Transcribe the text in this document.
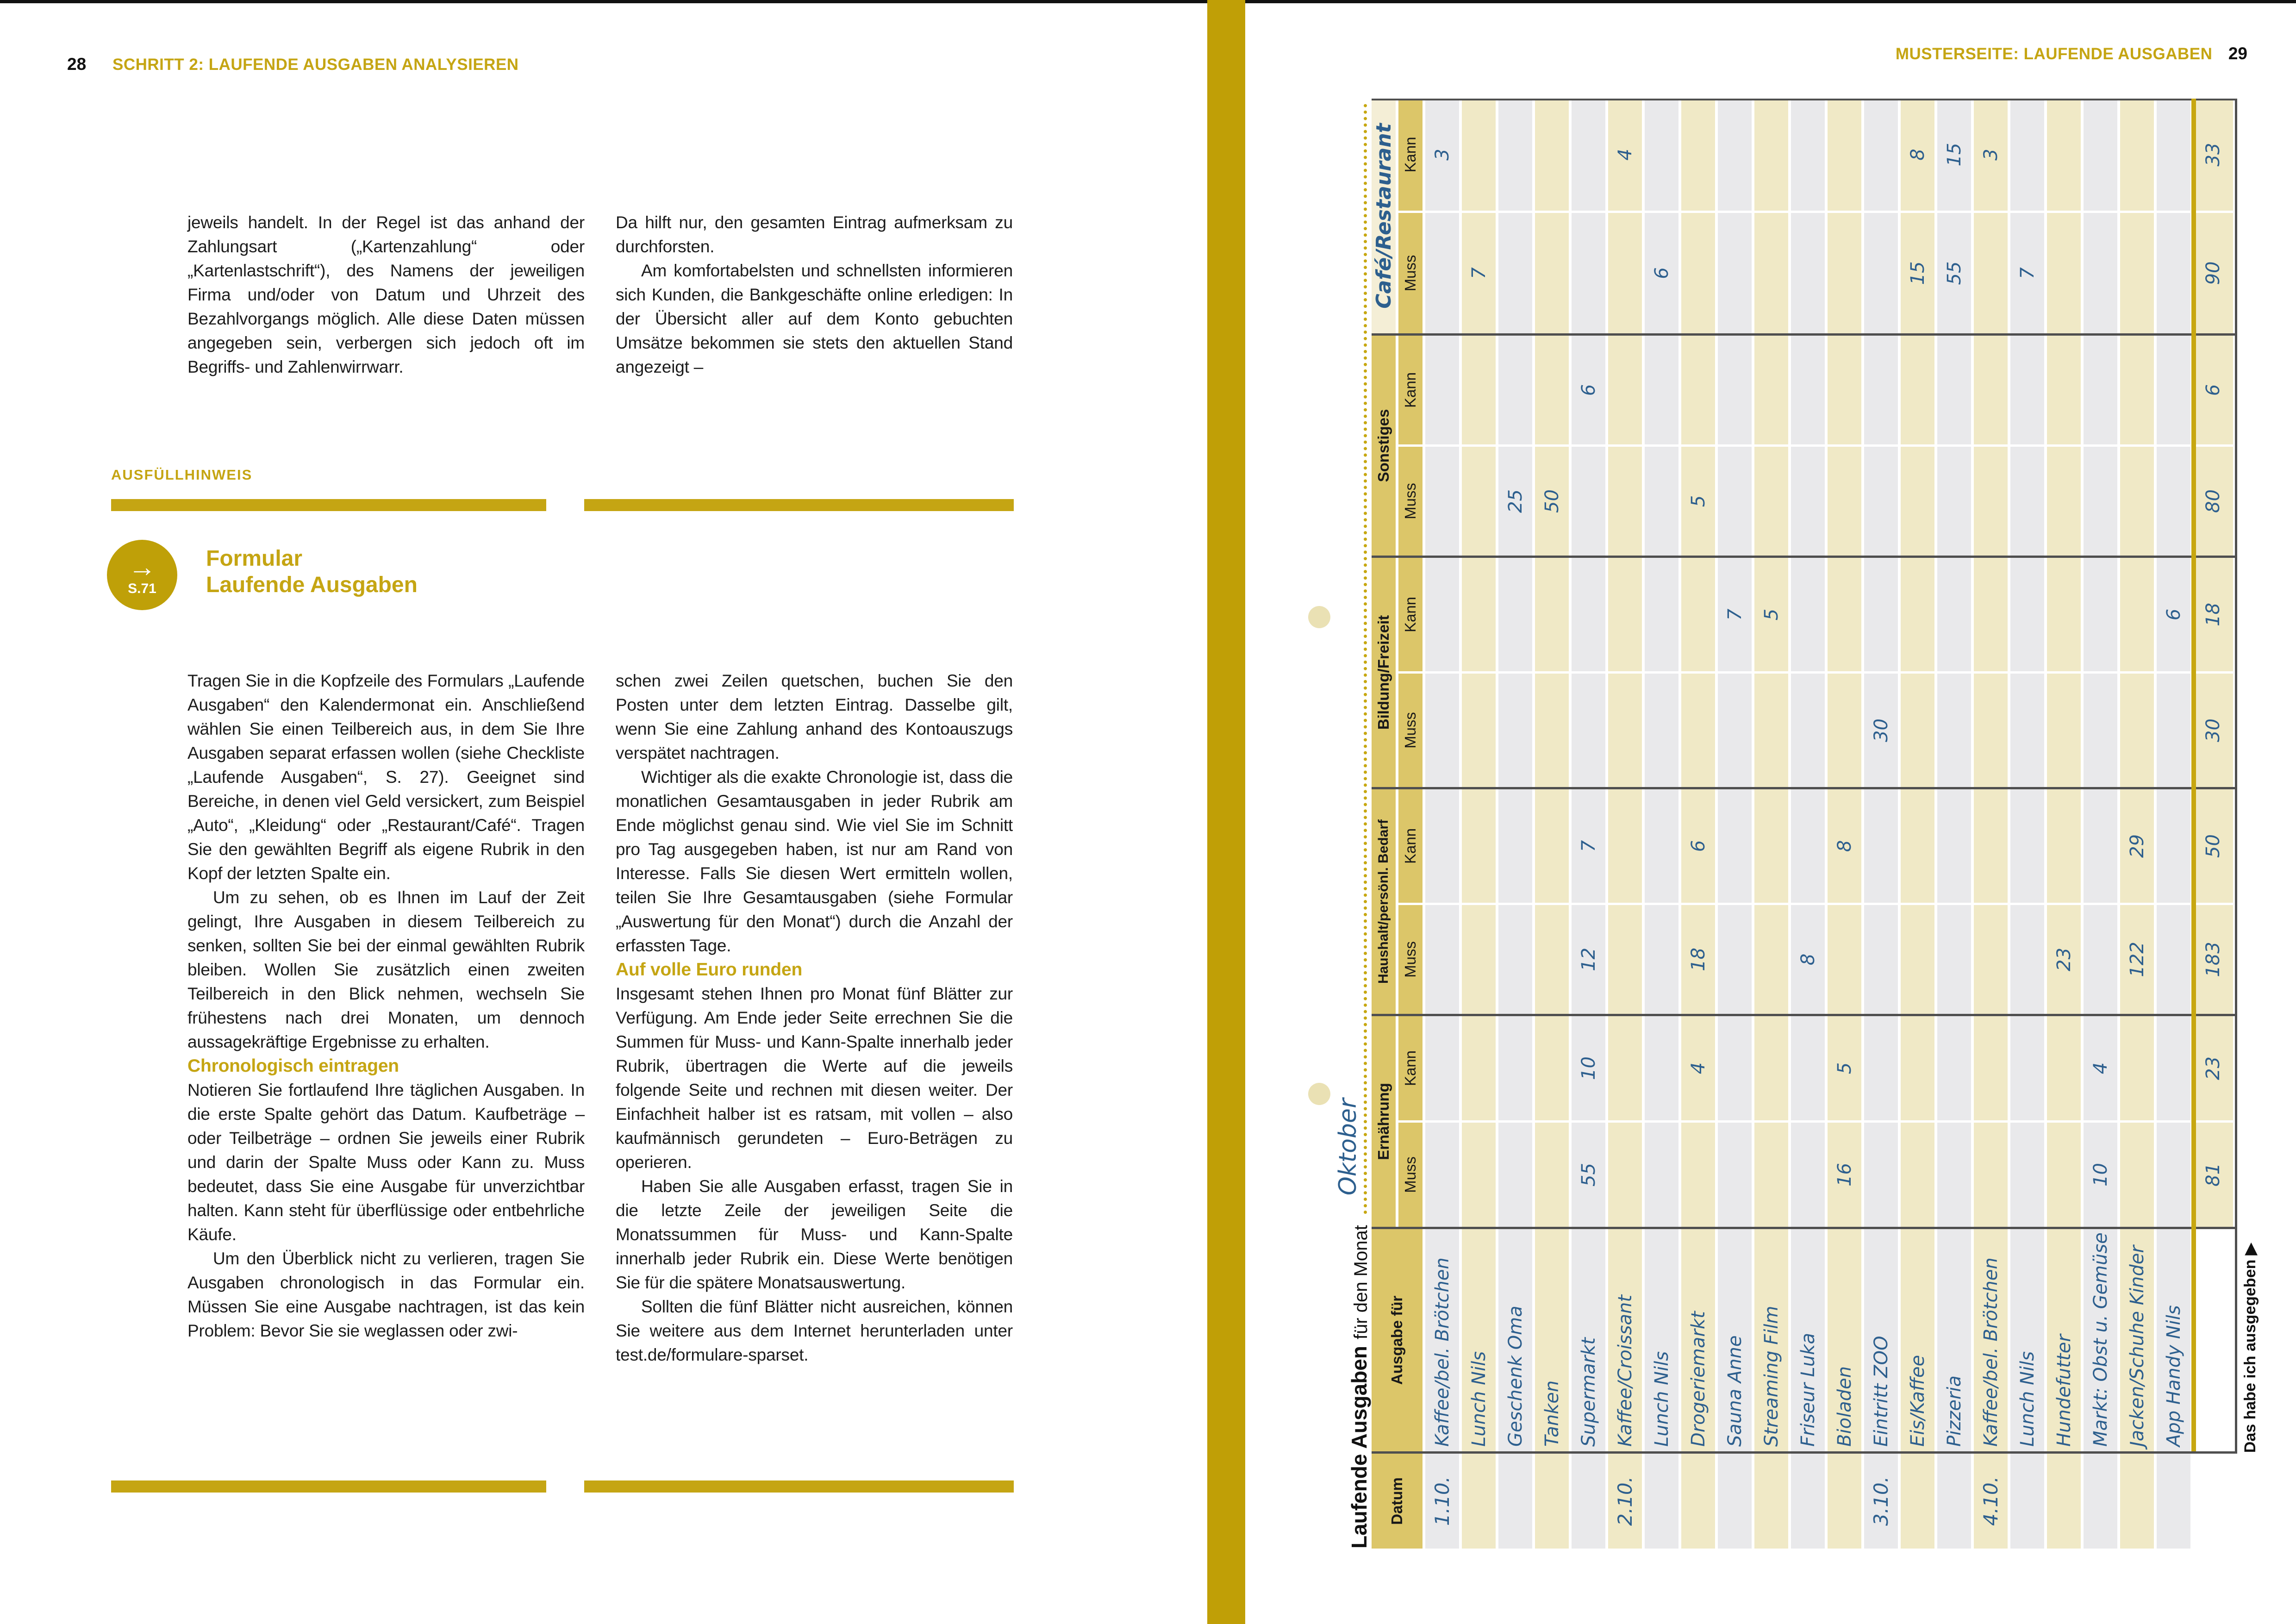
28 SCHRITT 2: LAUFENDE AUSGABEN ANALYSIEREN

jeweils handelt. In der Regel ist das anhand der Zahlungsart („Kartenzahlung“ oder „Kartenlastschrift“), des Namens der jeweiligen Firma und/oder von Datum und Uhrzeit des Bezahlvorgangs möglich. Alle diese Daten müssen angegeben sein, verbergen sich jedoch oft im Begriffs- und Zahlenwirrwarr.

Da hilft nur, den gesamten Eintrag aufmerksam zu durchforsten.

Am komfortabelsten und schnellsten informieren sich Kunden, die Bankgeschäfte online erledigen: In der Übersicht aller auf dem Konto gebuchten Umsätze bekommen sie stets den aktuellen Stand angezeigt –

AUSFÜLLHINWEIS
→
S.71
Formular
Laufende Ausgaben

Tragen Sie in die Kopfzeile des Formulars „Laufende Ausgaben“ den Kalendermonat ein. Anschließend wählen Sie einen Teilbereich aus, in dem Sie Ihre Ausgaben separat erfassen wollen (siehe Checkliste „Laufende Ausgaben“, S. 27). Geeignet sind Bereiche, in denen viel Geld versickert, zum Beispiel „Auto“, „Kleidung“ oder „Restaurant/Café“. Tragen Sie den gewählten Begriff als eigene Rubrik in den Kopf der letzten Spalte ein.

Um zu sehen, ob es Ihnen im Lauf der Zeit gelingt, Ihre Ausgaben in diesem Teilbereich zu senken, sollten Sie bei der einmal gewählten Rubrik bleiben. Wollen Sie zusätzlich einen zweiten Teilbereich in den Blick nehmen, wechseln Sie frühestens nach drei Monaten, um dennoch aussagekräftige Ergebnisse zu erhalten.

Chronologisch eintragen

Notieren Sie fortlaufend Ihre täglichen Ausgaben. In die erste Spalte gehört das Datum. Kaufbeträge – oder Teilbeträge – ordnen Sie jeweils einer Rubrik und darin der Spalte Muss oder Kann zu. Muss bedeutet, dass Sie eine Ausgabe für unverzichtbar halten. Kann steht für überflüssige oder entbehrliche Käufe.

Um den Überblick nicht zu verlieren, tragen Sie Ausgaben chronologisch in das Formular ein. Müssen Sie eine Ausgabe nachtragen, ist das kein Problem: Bevor Sie sie weglassen oder zwi-

schen zwei Zeilen quetschen, buchen Sie den Posten unter dem letzten Eintrag. Dasselbe gilt, wenn Sie eine Zahlung anhand des Kontoauszugs verspätet nachtragen.

Wichtiger als die exakte Chronologie ist, dass die monatlichen Gesamtausgaben in jeder Rubrik am Ende möglichst genau sind. Wie viel Sie im Schnitt pro Tag ausgegeben haben, ist nur am Rand von Interesse. Falls Sie diesen Wert ermitteln wollen, teilen Sie Ihre Gesamtausgaben (siehe Formular „Auswertung für den Monat“) durch die Anzahl der erfassten Tage.

Auf volle Euro runden

Insgesamt stehen Ihnen pro Monat fünf Blätter zur Verfügung. Am Ende jeder Seite errechnen Sie die Summen für Muss- und Kann-Spalte innerhalb jeder Rubrik, übertragen die Werte auf die jeweils folgende Seite und rechnen mit diesen weiter. Der Einfachheit halber ist es ratsam, mit vollen – also kaufmännisch gerundeten – Euro-Beträgen zu operieren.

Haben Sie alle Ausgaben erfasst, tragen Sie in die letzte Zeile der jeweiligen Seite die Monatssummen für Muss- und Kann-Spalte innerhalb jeder Rubrik ein. Diese Werte benötigen Sie für die spätere Monatsauswertung.

Sollten die fünf Blätter nicht ausreichen, können Sie weitere aus dem Internet herunterladen unter test.de/formulare-sparset.

MUSTERSEITE: LAUFENDE AUSGABEN 29
Laufende Ausgaben
für den Monat
Oktober
Datum
Ausgabe für
Ernährung
Muss
Kann
Haushalt/persönl. Bedarf Muss
Kann
Bildung/Freizeit
Muss
Kann
Sonstiges
Muss
Kann
Café/Restaurant Muss
Kann
1.10.
Kaffee/bel. Brötchen
3
Lunch Nils
7
Geschenk Oma
25
Tanken
50
Supermarkt
55
10
12
7
6
2.10.
Kaffee/Croissant
4
Lunch Nils
6
Drogeriemarkt
4
18
6
5
Sauna Anne
7
Streaming Film
5
Friseur Luka
8
Bioladen
16
5
8
3.10.
Eintritt ZOO
30
Eis/Kaffee
15
8
Pizzeria
55
15
4.10.
Kaffee/bel. Brötchen
3
Lunch Nils
7
Hundefutter
23
Markt: Obst u. Gemüse
10
4
Jacken/Schuhe Kinder
122
29
App Handy Nils
6
81
23
183
50
30
18
80
6
90
33
Das habe ich ausgegeben ▶
